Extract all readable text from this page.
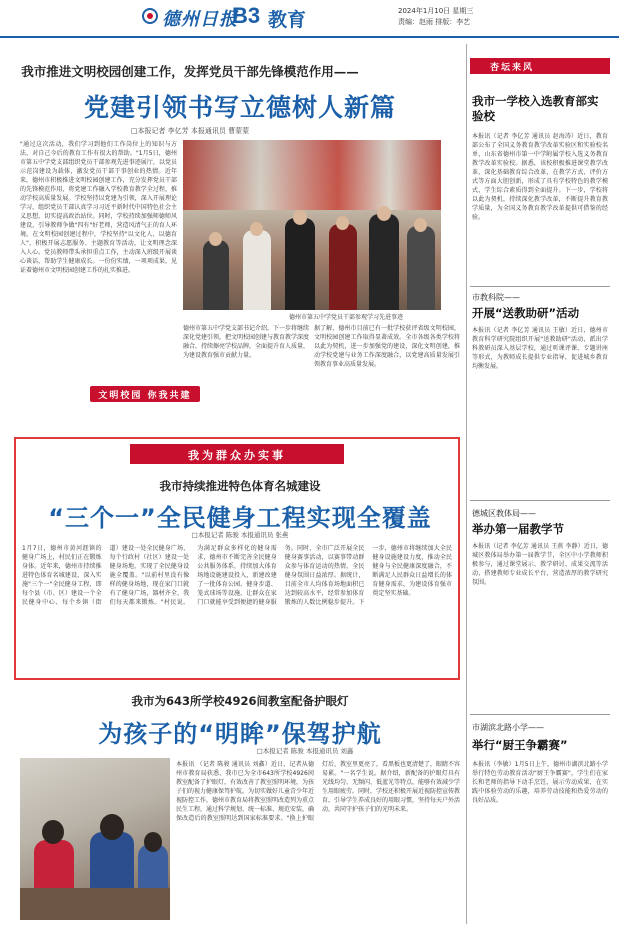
德州日报
B3 教育	2024年1月10日 星期三
责编：赵雨 排版：李艺
我市推进文明校园创建工作，发挥党员干部先锋模范作用——
党建引领书写立德树人新篇
□本报记者 李亿芳 本报通讯员 曹蒙蒙
"通过这次活动，我们学习到他们工作岗位上的知识与方法，对自己今后的教育工作有很大的帮助。"1月5日，德州市第五中学党支部组织党员干部参观先进事迹展厅，以党员示范岗建设为载体，激发党员干部干事创业的热情。近年来，德州市积极推进文明校园创建工作，充分发挥党员干部的先锋模范作用，将党建工作融入学校教育教学全过程，推动学校高质量发展。学校坚持以党建为引领，深入开展理论学习，组织党员干部认真学习习近平新时代中国特色社会主义思想，切实提高政治站位。同时，学校持续加强师德师风建设，引导教师争做"四有"好老师，营造风清气正的育人环境。在文明校园创建过程中，学校坚持"以文化人、以德育人"，积极开展志愿服务、主题教育等活动，让文明理念深入人心。党员教师带头承担重点工作，主动深入班级开展谈心谈话，帮助学生健康成长。一份份实绩，一项项成果，见证着德州市文明校园创建工作的扎实推进。
德州市第五中学党员干部参观学习先进事迹
德州市第五中学党支部书记介绍，下一步将继续深化党建引领，把文明校园创建与教育教学深度融合，持续擦亮学校品牌，全面提升育人质量，为建设教育强市贡献力量。
据了解，德州市目前已有一批学校获评省级文明校园，文明校园创建工作取得显著成效。全市各级各类学校将以此为契机，进一步加强党的建设，深化文明创建，推动学校党建与业务工作深度融合，以党建高质量发展引领教育事业高质量发展。
文明校园 你我共建
我为群众办实事
我市持续推进特色体育名城建设
“三个一”全民健身工程实现全覆盖
□本报记者 陈骏 本报通讯员 张燕
1月7日，德州市黄河涯镇的健身广场上，村民们正在锻炼身体。近年来，德州市持续推进特色体育名城建设，深入实施"三个一"全民健身工程，即每个县（市、区）建设一个全民健身中心、每个乡镇（街道）建设一处全民健身广场、每个行政村（社区）建设一处健身场地，实现了全民健身设施全覆盖。"以前村里没有像样的健身场地，现在家门口就有了健身广场，器材齐全，我们每天都来锻炼。"村民说。为满足群众多样化的健身需求，德州市不断完善全民健身公共服务体系，持续加大体育场地设施建设投入，新建改建了一批体育公园、健身步道、笼式球场等设施，让群众在家门口就能享受到便捷的健身服务。同时，全市广泛开展全民健身赛事活动，以赛事带动群众参与体育运动的热情，全民健身氛围日益浓厚。据统计，目前全市人均体育场地面积已达到较高水平，经常参加体育锻炼的人数比例稳步提升。下一步，德州市将继续加大全民健身设施建设力度，推动全民健身与全民健康深度融合，不断满足人民群众日益增长的体育健身需求，为建设体育强市奠定坚实基础。
我市为643所学校4926间教室配备护眼灯
为孩子的“明眸”保驾护航
□本报记者 陈骏 本报通讯员 刘鑫
本报讯 （记者 陈骏 通讯员 刘鑫）近日，记者从德州市教育局获悉，我市已为全市643所学校4926间教室配备了护眼灯，有效改善了教室照明环境，为孩子们的视力健康保驾护航。为切实做好儿童青少年近视防控工作，德州市教育局将教室照明改造列为重点民生工程，通过科学规划、统一标准、规范安装，确保改造后的教室照明达到国家标准要求。"换上护眼灯后，教室里更亮了，看黑板也更清楚了，眼睛不容易累。"一名学生说。据介绍，新配备的护眼灯具有光线均匀、无频闪、低蓝光等特点，能够有效减少学生用眼疲劳。同时，学校还积极开展近视防控宣传教育，引导学生养成良好的用眼习惯，坚持每天户外活动，共同守护孩子们的光明未来。
杏坛来风
我市一学校入选教育部实验校
本报讯（记者 李亿芳 通讯员 赵海涛）近日，教育部公布了全国义务教育教学改革实验区和实验校名单，山东省德州市第一中学附属学校入选义务教育教学改革实验校。据悉，该校积极推进课堂教学改革，深化基础教育综合改革，在教学方式、评价方式等方面大胆创新，形成了具有学校特色的教学模式，学生综合素质得到全面提升。下一步，学校将以此为契机，持续深化教学改革，不断提升教育教学质量，为全国义务教育教学改革提供可借鉴的经验。
市教科院——
开展“送教助研”活动
本报讯（记者 李亿芳 通讯员 王敏）近日，德州市教育科学研究院组织开展"送教助研"活动，派出学科教研员深入基层学校，通过听课评课、专题讲座等形式，为教师成长提供专业指导，促进城乡教育均衡发展。
德城区教体局——
举办第一届教学节
本报讯（记者 李亿芳 通讯员 王燕 李静）近日，德城区教体局举办第一届教学节，全区中小学教师积极参与，通过课堂展示、教学研讨、成果交流等活动，搭建教师专业成长平台，营造浓厚的教学研究氛围。
市湖滨北路小学——
举行“厨王争霸赛”
本报讯（李敏）1月5日上午，德州市湖滨北路小学举行特色劳动教育活动"厨王争霸赛"，学生们在家长和老师的指导下动手烹饪，展示劳动成果，在实践中体验劳动的乐趣，培养劳动技能和热爱劳动的良好品质。
